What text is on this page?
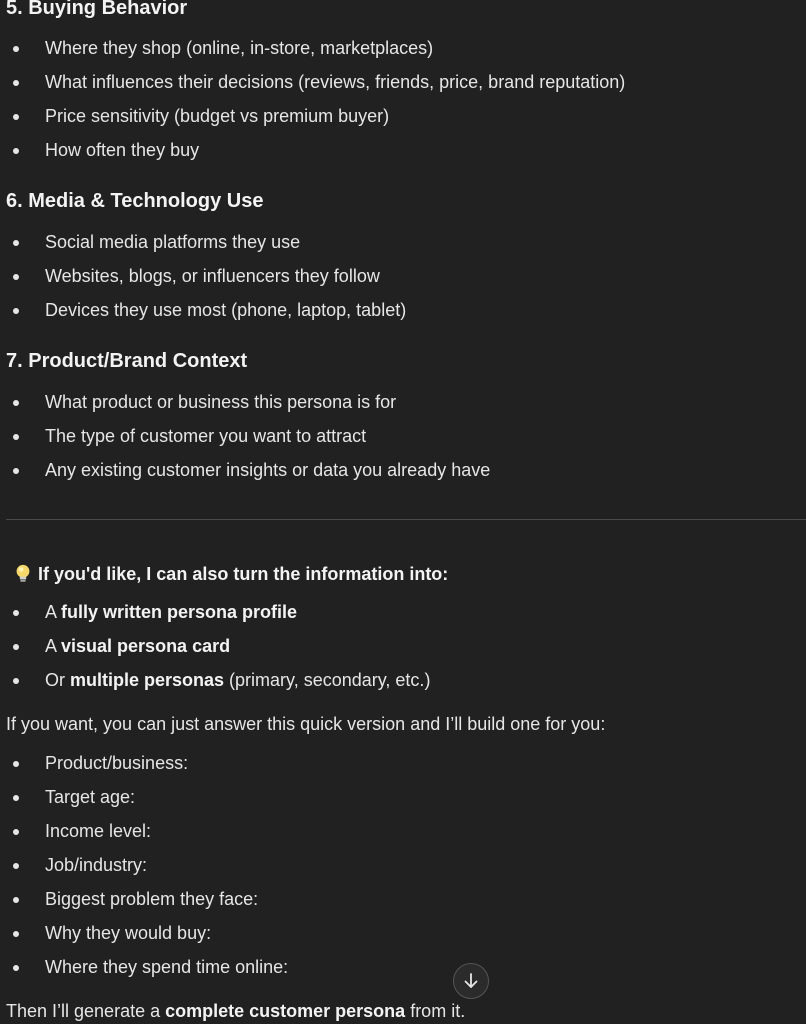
5. Buying Behavior
Where they shop (online, in-store, marketplaces)
What influences their decisions (reviews, friends, price, brand reputation)
Price sensitivity (budget vs premium buyer)
How often they buy
6. Media & Technology Use
Social media platforms they use
Websites, blogs, or influencers they follow
Devices they use most (phone, laptop, tablet)
7. Product/Brand Context
What product or business this persona is for
The type of customer you want to attract
Any existing customer insights or data you already have
If you'd like, I can also turn the information into:
A fully written persona profile
A visual persona card
Or multiple personas (primary, secondary, etc.)
If you want, you can just answer this quick version and I’ll build one for you:
Product/business:
Target age:
Income level:
Job/industry:
Biggest problem they face:
Why they would buy:
Where they spend time online:
Then I’ll generate a complete customer persona from it.
